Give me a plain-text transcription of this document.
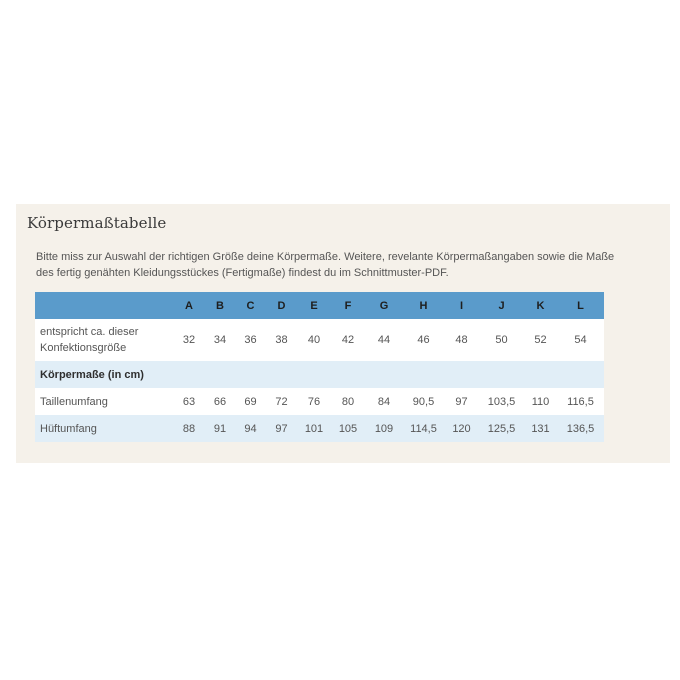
Körpermaßtabelle
Bitte miss zur Auswahl der richtigen Größe deine Körpermaße. Weitere, revelante Körpermaßangaben sowie die Maße des fertig genähten Kleidungsstückes (Fertigmaße) findest du im Schnittmuster-PDF.
	A	B	C	D	E	F	G	H	I	J	K	L
entspricht ca. dieser
Konfektionsgröße	32	34	36	38	40	42	44	46	48	50	52	54
Körpermaße (in cm)												
Taillenumfang	63	66	69	72	76	80	84	90,5	97	103,5	110	116,5
Hüftumfang	88	91	94	97	101	105	109	114,5	120	125,5	131	136,5
